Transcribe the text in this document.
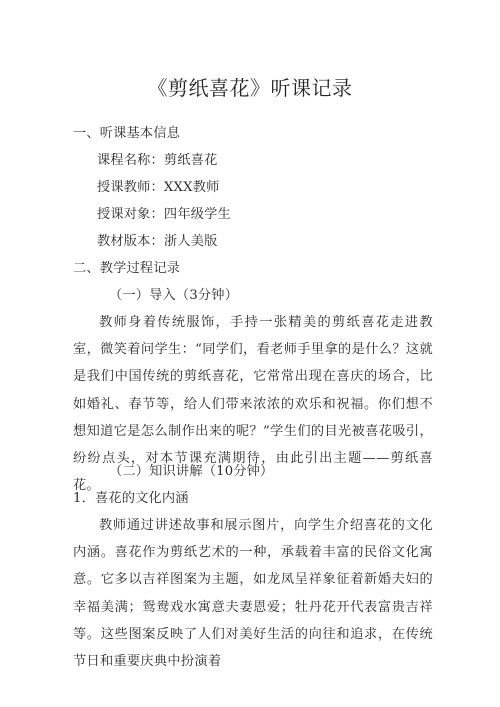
《剪纸喜花》听课记录
一、听课基本信息
课程名称：剪纸喜花
授课教师：XXX教师
授课对象：四年级学生
教材版本：浙人美版
二、教学过程记录
（一）导入（3分钟）
教师身着传统服饰，手持一张精美的剪纸喜花走进教室，微笑着问学生：“同学们，看老师手里拿的是什么？这就是我们中国传统的剪纸喜花，它常常出现在喜庆的场合，比如婚礼、春节等，给人们带来浓浓的欢乐和祝福。你们想不想知道它是怎么制作出来的呢？”学生们的目光被喜花吸引，纷纷点头，对本节课充满期待，由此引出主题——剪纸喜花。
（二）知识讲解（10分钟）
1．喜花的文化内涵
教师通过讲述故事和展示图片，向学生介绍喜花的文化内涵。喜花作为剪纸艺术的一种，承载着丰富的民俗文化寓意。它多以吉祥图案为主题，如龙凤呈祥象征着新婚夫妇的幸福美满；鸳鸯戏水寓意夫妻恩爱；牡丹花开代表富贵吉祥等。这些图案反映了人们对美好生活的向往和追求，在传统节日和重要庆典中扮演着
